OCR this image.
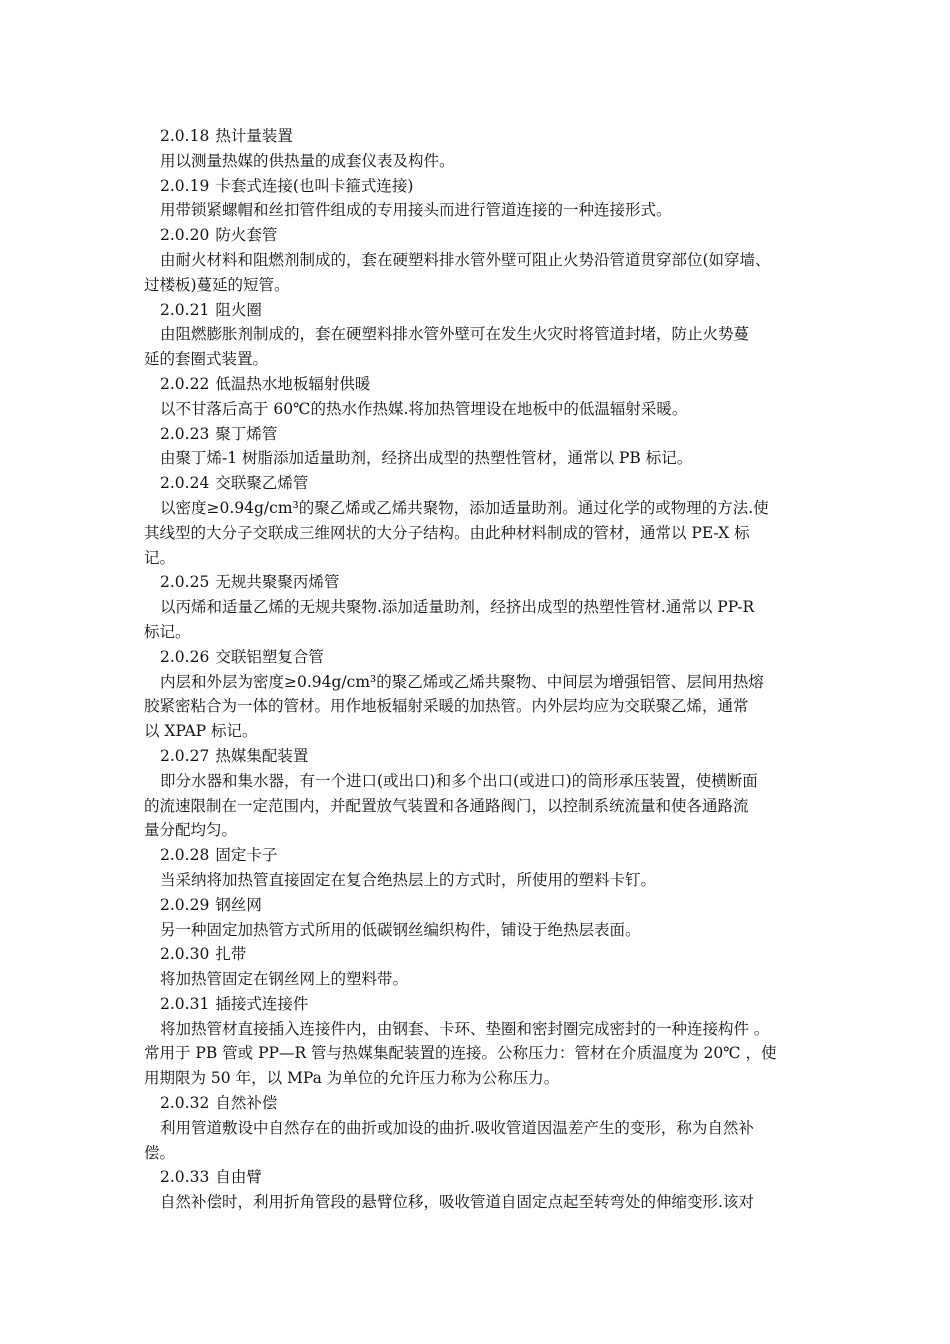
2.0.18 热计量装置
用以测量热媒的供热量的成套仪表及构件。
2.0.19 卡套式连接(也叫卡箍式连接)
用带锁紧螺帽和丝扣管件组成的专用接头而进行管道连接的一种连接形式。
2.0.20 防火套管
由耐火材料和阻燃剂制成的，套在硬塑料排水管外壁可阻止火势沿管道贯穿部位(如穿墙、
过楼板)蔓延的短管。
2.0.21 阻火圈
由阻燃膨胀剂制成的，套在硬塑料排水管外壁可在发生火灾时将管道封堵，防止火势蔓
延的套圈式装置。
2.0.22 低温热水地板辐射供暖
以不甘落后高于 60℃的热水作热媒.将加热管埋设在地板中的低温辐射采暖。
2.0.23 聚丁烯管
由聚丁烯-1 树脂添加适量助剂，经挤出成型的热塑性管材，通常以 PB 标记。
2.0.24 交联聚乙烯管
以密度≥0.94g/cm³的聚乙烯或乙烯共聚物，添加适量助剂。通过化学的或物理的方法.使
其线型的大分子交联成三维网状的大分子结构。由此种材料制成的管材，通常以 PE-X 标
记。
2.0.25 无规共聚聚丙烯管
以丙烯和适量乙烯的无规共聚物.添加适量助剂，经挤出成型的热塑性管材.通常以 PP-R
标记。
2.0.26 交联铝塑复合管
内层和外层为密度≥0.94g/cm³的聚乙烯或乙烯共聚物、中间层为增强铝管、层间用热熔
胶紧密粘合为一体的管材。用作地板辐射采暖的加热管。内外层均应为交联聚乙烯，通常
以 XPAP 标记。
2.0.27 热媒集配装置
即分水器和集水器，有一个进口(或出口)和多个出口(或进口)的筒形承压装置，使横断面
的流速限制在一定范围内，并配置放气装置和各通路阀门，以控制系统流量和使各通路流
量分配均匀。
2.0.28 固定卡子
当采纳将加热管直接固定在复合绝热层上的方式时，所使用的塑料卡钉。
2.0.29 钢丝网
另一种固定加热管方式所用的低碳钢丝编织构件，铺设于绝热层表面。
2.0.30 扎带
将加热管固定在钢丝网上的塑料带。
2.0.31 插接式连接件
将加热管材直接插入连接件内，由钢套、卡环、垫圈和密封圈完成密封的一种连接构件 。
常用于 PB 管或 PP—R 管与热媒集配装置的连接。公称压力：管材在介质温度为 20℃ ，使
用期限为 50 年，以 MPa 为单位的允许压力称为公称压力。
2.0.32 自然补偿
利用管道敷设中自然存在的曲折或加设的曲折.吸收管道因温差产生的变形，称为自然补
偿。
2.0.33 自由臂
自然补偿时，利用折角管段的悬臂位移，吸收管道自固定点起至转弯处的伸缩变形.该对
